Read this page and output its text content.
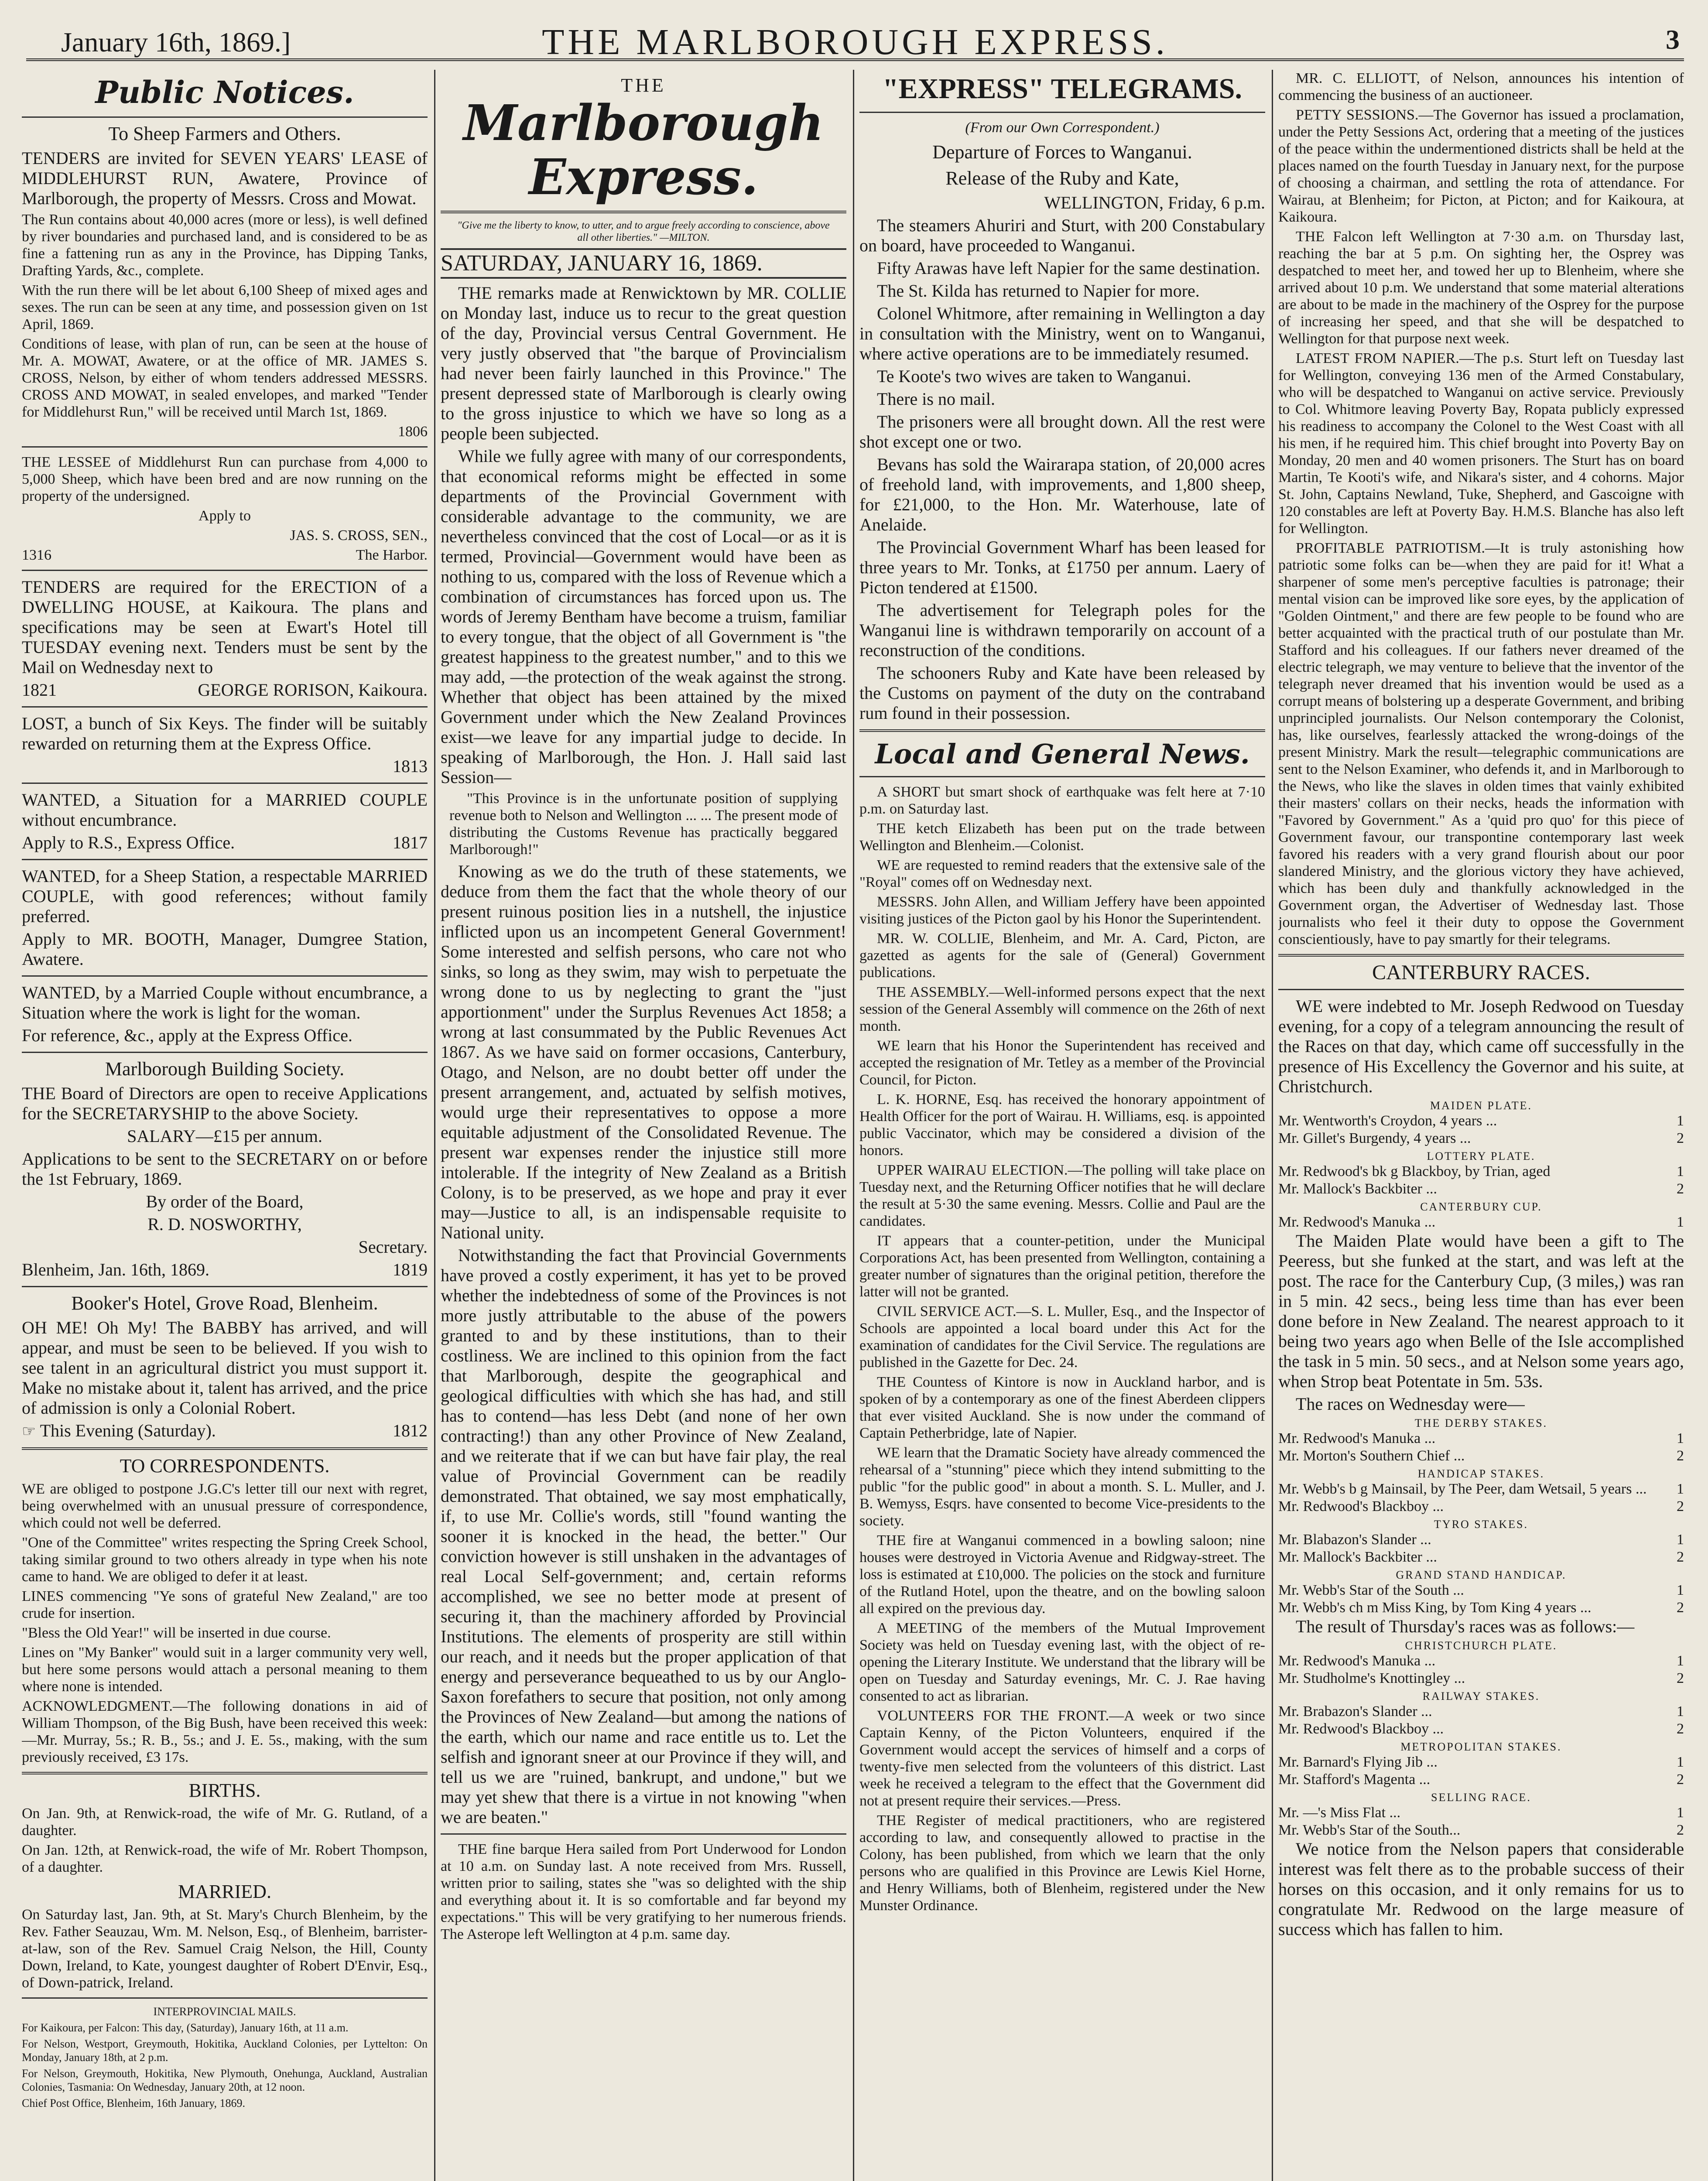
January 16th, 1869.]	THE MARLBOROUGH EXPRESS.	3
Public Notices.

To Sheep Farmers and Others.

TENDERS are invited for SEVEN YEARS' LEASE of MIDDLEHURST RUN, Awatere, Province of Marlborough, the property of Messrs. Cross and Mowat.

The Run contains about 40,000 acres (more or less), is well defined by river boundaries and purchased land, and is considered to be as fine a fattening run as any in the Province, has Dipping Tanks, Drafting Yards, &c., complete.

With the run there will be let about 6,100 Sheep of mixed ages and sexes. The run can be seen at any time, and possession given on 1st April, 1869.

Conditions of lease, with plan of run, can be seen at the house of Mr. A. MOWAT, Awatere, or at the office of MR. JAMES S. CROSS, Nelson, by either of whom tenders addressed MESSRS. CROSS AND MOWAT, in sealed envelopes, and marked "Tender for Middlehurst Run," will be received until March 1st, 1869.

1806

THE LESSEE of Middlehurst Run can purchase from 4,000 to 5,000 Sheep, which have been bred and are now running on the property of the undersigned.

Apply to

JAS. S. CROSS, SEN.,

1316	The Harbor.

TENDERS are required for the ERECTION of a DWELLING HOUSE, at Kaikoura. The plans and specifications may be seen at Ewart's Hotel till TUESDAY evening next. Tenders must be sent by the Mail on Wednesday next to

1821	GEORGE RORISON, Kaikoura.

LOST, a bunch of Six Keys. The finder will be suitably rewarded on returning them at the Express Office.

1813

WANTED, a Situation for a MARRIED COUPLE without encumbrance.

Apply to R.S., Express Office.	1817

WANTED, for a Sheep Station, a respectable MARRIED COUPLE, with good references; without family preferred.

Apply to MR. BOOTH, Manager, Dumgree Station, Awatere.

WANTED, by a Married Couple without encumbrance, a Situation where the work is light for the woman.

For reference, &c., apply at the Express Office.

Marlborough Building Society.

THE Board of Directors are open to receive Applications for the SECRETARYSHIP to the above Society.

SALARY—£15 per annum.

Applications to be sent to the SECRETARY on or before the 1st February, 1869.

By order of the Board,

R. D. NOSWORTHY,

Secretary.

Blenheim, Jan. 16th, 1869.	1819

Booker's Hotel, Grove Road, Blenheim.

OH ME! Oh My! The BABBY has arrived, and will appear, and must be seen to be believed. If you wish to see talent in an agricultural district you must support it. Make no mistake about it, talent has arrived, and the price of admission is only a Colonial Robert.

☞ This Evening (Saturday).	1812

TO CORRESPONDENTS.

WE are obliged to postpone J.G.C's letter till our next with regret, being overwhelmed with an unusual pressure of correspondence, which could not well be deferred.

"One of the Committee" writes respecting the Spring Creek School, taking similar ground to two others already in type when his note came to hand. We are obliged to defer it at least.

LINES commencing "Ye sons of grateful New Zealand," are too crude for insertion.

"Bless the Old Year!" will be inserted in due course.

Lines on "My Banker" would suit in a larger community very well, but here some persons would attach a personal meaning to them where none is intended.

ACKNOWLEDGMENT.—The following donations in aid of William Thompson, of the Big Bush, have been received this week:—Mr. Murray, 5s.; R. B., 5s.; and J. E. 5s., making, with the sum previously received, £3 17s.

BIRTHS.

On Jan. 9th, at Renwick-road, the wife of Mr. G. Rutland, of a daughter.

On Jan. 12th, at Renwick-road, the wife of Mr. Robert Thompson, of a daughter.

MARRIED.

On Saturday last, Jan. 9th, at St. Mary's Church Blenheim, by the Rev. Father Seauzau, Wm. M. Nelson, Esq., of Blenheim, barrister-at-law, son of the Rev. Samuel Craig Nelson, the Hill, County Down, Ireland, to Kate, youngest daughter of Robert D'Envir, Esq., of Down-patrick, Ireland.

INTERPROVINCIAL MAILS.

For Kaikoura, per Falcon: This day, (Saturday), January 16th, at 11 a.m.

For Nelson, Westport, Greymouth, Hokitika, Auckland Colonies, per Lyttelton: On Monday, January 18th, at 2 p.m.

For Nelson, Greymouth, Hokitika, New Plymouth, Onehunga, Auckland, Australian Colonies, Tasmania: On Wednesday, January 20th, at 12 noon.

Chief Post Office, Blenheim, 16th January, 1869.

THE
Marlborough Express.

"Give me the liberty to know, to utter, and to argue freely according to conscience, above all other liberties." —MILTON.

SATURDAY, JANUARY 16, 1869.

THE remarks made at Renwicktown by MR. COLLIE on Monday last, induce us to recur to the great question of the day, Provincial versus Central Government. He very justly observed that "the barque of Provincialism had never been fairly launched in this Province." The present depressed state of Marlborough is clearly owing to the gross injustice to which we have so long as a people been subjected.

While we fully agree with many of our correspondents, that economical reforms might be effected in some departments of the Provincial Government with considerable advantage to the community, we are nevertheless convinced that the cost of Local—or as it is termed, Provincial—Government would have been as nothing to us, compared with the loss of Revenue which a combination of circumstances has forced upon us. The words of Jeremy Bentham have become a truism, familiar to every tongue, that the object of all Government is "the greatest happiness to the greatest number," and to this we may add, —the protection of the weak against the strong. Whether that object has been attained by the mixed Government under which the New Zealand Provinces exist—we leave for any impartial judge to decide. In speaking of Marlborough, the Hon. J. Hall said last Session—

"This Province is in the unfortunate position of supplying revenue both to Nelson and Wellington ... ... The present mode of distributing the Customs Revenue has practically beggared Marlborough!"

Knowing as we do the truth of these statements, we deduce from them the fact that the whole theory of our present ruinous position lies in a nutshell, the injustice inflicted upon us an incompetent General Government! Some interested and selfish persons, who care not who sinks, so long as they swim, may wish to perpetuate the wrong done to us by neglecting to grant the "just apportionment" under the Surplus Revenues Act 1858; a wrong at last consummated by the Public Revenues Act 1867. As we have said on former occasions, Canterbury, Otago, and Nelson, are no doubt better off under the present arrangement, and, actuated by selfish motives, would urge their representatives to oppose a more equitable adjustment of the Consolidated Revenue. The present war expenses render the injustice still more intolerable. If the integrity of New Zealand as a British Colony, is to be preserved, as we hope and pray it ever may—Justice to all, is an indispensable requisite to National unity.

Notwithstanding the fact that Provincial Governments have proved a costly experiment, it has yet to be proved whether the indebtedness of some of the Provinces is not more justly attributable to the abuse of the powers granted to and by these institutions, than to their costliness. We are inclined to this opinion from the fact that Marlborough, despite the geographical and geological difficulties with which she has had, and still has to contend—has less Debt (and none of her own contracting!) than any other Province of New Zealand, and we reiterate that if we can but have fair play, the real value of Provincial Government can be readily demonstrated. That obtained, we say most emphatically, if, to use Mr. Collie's words, still "found wanting the sooner it is knocked in the head, the better." Our conviction however is still unshaken in the advantages of real Local Self-government; and, certain reforms accomplished, we see no better mode at present of securing it, than the machinery afforded by Provincial Institutions. The elements of prosperity are still within our reach, and it needs but the proper application of that energy and perseverance bequeathed to us by our Anglo-Saxon forefathers to secure that position, not only among the Provinces of New Zealand—but among the nations of the earth, which our name and race entitle us to. Let the selfish and ignorant sneer at our Province if they will, and tell us we are "ruined, bankrupt, and undone," but we may yet shew that there is a virtue in not knowing "when we are beaten."

THE fine barque Hera sailed from Port Underwood for London at 10 a.m. on Sunday last. A note received from Mrs. Russell, written prior to sailing, states she "was so delighted with the ship and everything about it. It is so comfortable and far beyond my expectations." This will be very gratifying to her numerous friends. The Asterope left Wellington at 4 p.m. same day.

"EXPRESS" TELEGRAMS.

(From our Own Correspondent.)

Departure of Forces to Wanganui.

Release of the Ruby and Kate,

WELLINGTON, Friday, 6 p.m.

The steamers Ahuriri and Sturt, with 200 Constabulary on board, have proceeded to Wanganui.

Fifty Arawas have left Napier for the same destination.

The St. Kilda has returned to Napier for more.

Colonel Whitmore, after remaining in Wellington a day in consultation with the Ministry, went on to Wanganui, where active operations are to be immediately resumed.

Te Koote's two wives are taken to Wanganui.

There is no mail.

The prisoners were all brought down. All the rest were shot except one or two.

Bevans has sold the Wairarapa station, of 20,000 acres of freehold land, with improvements, and 1,800 sheep, for £21,000, to the Hon. Mr. Waterhouse, late of Anelaide.

The Provincial Government Wharf has been leased for three years to Mr. Tonks, at £1750 per annum. Laery of Picton tendered at £1500.

The advertisement for Telegraph poles for the Wanganui line is withdrawn temporarily on account of a reconstruction of the conditions.

The schooners Ruby and Kate have been released by the Customs on payment of the duty on the contraband rum found in their possession.

Local and General News.

A SHORT but smart shock of earthquake was felt here at 7·10 p.m. on Saturday last.

THE ketch Elizabeth has been put on the trade between Wellington and Blenheim.—Colonist.

WE are requested to remind readers that the extensive sale of the "Royal" comes off on Wednesday next.

MESSRS. John Allen, and William Jeffery have been appointed visiting justices of the Picton gaol by his Honor the Superintendent.

MR. W. COLLIE, Blenheim, and Mr. A. Card, Picton, are gazetted as agents for the sale of (General) Government publications.

THE ASSEMBLY.—Well-informed persons expect that the next session of the General Assembly will commence on the 26th of next month.

WE learn that his Honor the Superintendent has received and accepted the resignation of Mr. Tetley as a member of the Provincial Council, for Picton.

L. K. HORNE, Esq. has received the honorary appointment of Health Officer for the port of Wairau. H. Williams, esq. is appointed public Vaccinator, which may be considered a division of the honors.

UPPER WAIRAU ELECTION.—The polling will take place on Tuesday next, and the Returning Officer notifies that he will declare the result at 5·30 the same evening. Messrs. Collie and Paul are the candidates.

IT appears that a counter-petition, under the Municipal Corporations Act, has been presented from Wellington, containing a greater number of signatures than the original petition, therefore the latter will not be granted.

CIVIL SERVICE ACT.—S. L. Muller, Esq., and the Inspector of Schools are appointed a local board under this Act for the examination of candidates for the Civil Service. The regulations are published in the Gazette for Dec. 24.

THE Countess of Kintore is now in Auckland harbor, and is spoken of by a contemporary as one of the finest Aberdeen clippers that ever visited Auckland. She is now under the command of Captain Petherbridge, late of Napier.

WE learn that the Dramatic Society have already commenced the rehearsal of a "stunning" piece which they intend submitting to the public "for the public good" in about a month. S. L. Muller, and J. B. Wemyss, Esqrs. have consented to become Vice-presidents to the society.

THE fire at Wanganui commenced in a bowling saloon; nine houses were destroyed in Victoria Avenue and Ridgway-street. The loss is estimated at £10,000. The policies on the stock and furniture of the Rutland Hotel, upon the theatre, and on the bowling saloon all expired on the previous day.

A MEETING of the members of the Mutual Improvement Society was held on Tuesday evening last, with the object of re-opening the Literary Institute. We understand that the library will be open on Tuesday and Saturday evenings, Mr. C. J. Rae having consented to act as librarian.

VOLUNTEERS FOR THE FRONT.—A week or two since Captain Kenny, of the Picton Volunteers, enquired if the Government would accept the services of himself and a corps of twenty-five men selected from the volunteers of this district. Last week he received a telegram to the effect that the Government did not at present require their services.—Press.

THE Register of medical practitioners, who are registered according to law, and consequently allowed to practise in the Colony, has been published, from which we learn that the only persons who are qualified in this Province are Lewis Kiel Horne, and Henry Williams, both of Blenheim, registered under the New Munster Ordinance.

MR. C. ELLIOTT, of Nelson, announces his intention of commencing the business of an auctioneer.

PETTY SESSIONS.—The Governor has issued a proclamation, under the Petty Sessions Act, ordering that a meeting of the justices of the peace within the undermentioned districts shall be held at the places named on the fourth Tuesday in January next, for the purpose of choosing a chairman, and settling the rota of attendance. For Wairau, at Blenheim; for Picton, at Picton; and for Kaikoura, at Kaikoura.

THE Falcon left Wellington at 7·30 a.m. on Thursday last, reaching the bar at 5 p.m. On sighting her, the Osprey was despatched to meet her, and towed her up to Blenheim, where she arrived about 10 p.m. We understand that some material alterations are about to be made in the machinery of the Osprey for the purpose of increasing her speed, and that she will be despatched to Wellington for that purpose next week.

LATEST FROM NAPIER.—The p.s. Sturt left on Tuesday last for Wellington, conveying 136 men of the Armed Constabulary, who will be despatched to Wanganui on active service. Previously to Col. Whitmore leaving Poverty Bay, Ropata publicly expressed his readiness to accompany the Colonel to the West Coast with all his men, if he required him. This chief brought into Poverty Bay on Monday, 20 men and 40 women prisoners. The Sturt has on board Martin, Te Kooti's wife, and Nikara's sister, and 4 cohorns. Major St. John, Captains Newland, Tuke, Shepherd, and Gascoigne with 120 constables are left at Poverty Bay. H.M.S. Blanche has also left for Wellington.

PROFITABLE PATRIOTISM.—It is truly astonishing how patriotic some folks can be—when they are paid for it! What a sharpener of some men's perceptive faculties is patronage; their mental vision can be improved like sore eyes, by the application of "Golden Ointment," and there are few people to be found who are better acquainted with the practical truth of our postulate than Mr. Stafford and his colleagues. If our fathers never dreamed of the electric telegraph, we may venture to believe that the inventor of the telegraph never dreamed that his invention would be used as a corrupt means of bolstering up a desperate Government, and bribing unprincipled journalists. Our Nelson contemporary the Colonist, has, like ourselves, fearlessly attacked the wrong-doings of the present Ministry. Mark the result—telegraphic communications are sent to the Nelson Examiner, who defends it, and in Marlborough to the News, who like the slaves in olden times that vainly exhibited their masters' collars on their necks, heads the information with "Favored by Government." As a 'quid pro quo' for this piece of Government favour, our transpontine contemporary last week favored his readers with a very grand flourish about our poor slandered Ministry, and the glorious victory they have achieved, which has been duly and thankfully acknowledged in the Government organ, the Advertiser of Wednesday last. Those journalists who feel it their duty to oppose the Government conscientiously, have to pay smartly for their telegrams.

CANTERBURY RACES.

WE were indebted to Mr. Joseph Redwood on Tuesday evening, for a copy of a telegram announcing the result of the Races on that day, which came off successfully in the presence of His Excellency the Governor and his suite, at Christchurch.

MAIDEN PLATE.
Mr. Wentworth's Croydon, 4 years ...	1
Mr. Gillet's Burgendy, 4 years ...	2
LOTTERY PLATE.
Mr. Redwood's bk g Blackboy, by Trian, aged	1
Mr. Mallock's Backbiter ...	2
CANTERBURY CUP.
Mr. Redwood's Manuka ...	1

The Maiden Plate would have been a gift to The Peeress, but she funked at the start, and was left at the post. The race for the Canterbury Cup, (3 miles,) was ran in 5 min. 42 secs., being less time than has ever been done before in New Zealand. The nearest approach to it being two years ago when Belle of the Isle accomplished the task in 5 min. 50 secs., and at Nelson some years ago, when Strop beat Potentate in 5m. 53s.

The races on Wednesday were—

THE DERBY STAKES.
Mr. Redwood's Manuka ...	1
Mr. Morton's Southern Chief ...	2
HANDICAP STAKES.
Mr. Webb's b g Mainsail, by The Peer, dam Wetsail, 5 years ... 1
Mr. Redwood's Blackboy ...	2
TYRO STAKES.
Mr. Blabazon's Slander ...	1
Mr. Mallock's Backbiter ...	2
GRAND STAND HANDICAP.
Mr. Webb's Star of the South ...	1
Mr. Webb's ch m Miss King, by Tom King 4 years ...	2

The result of Thursday's races was as follows:—

CHRISTCHURCH PLATE.
Mr. Redwood's Manuka ...	1
Mr. Studholme's Knottingley ...	2
RAILWAY STAKES.
Mr. Brabazon's Slander ...	1
Mr. Redwood's Blackboy ...	2
METROPOLITAN STAKES.
Mr. Barnard's Flying Jib ...	1
Mr. Stafford's Magenta ...	2
SELLING RACE.
Mr. —'s Miss Flat ...	1
Mr. Webb's Star of the South...	2

We notice from the Nelson papers that considerable interest was felt there as to the probable success of their horses on this occasion, and it only remains for us to congratulate Mr. Redwood on the large measure of success which has fallen to him.
